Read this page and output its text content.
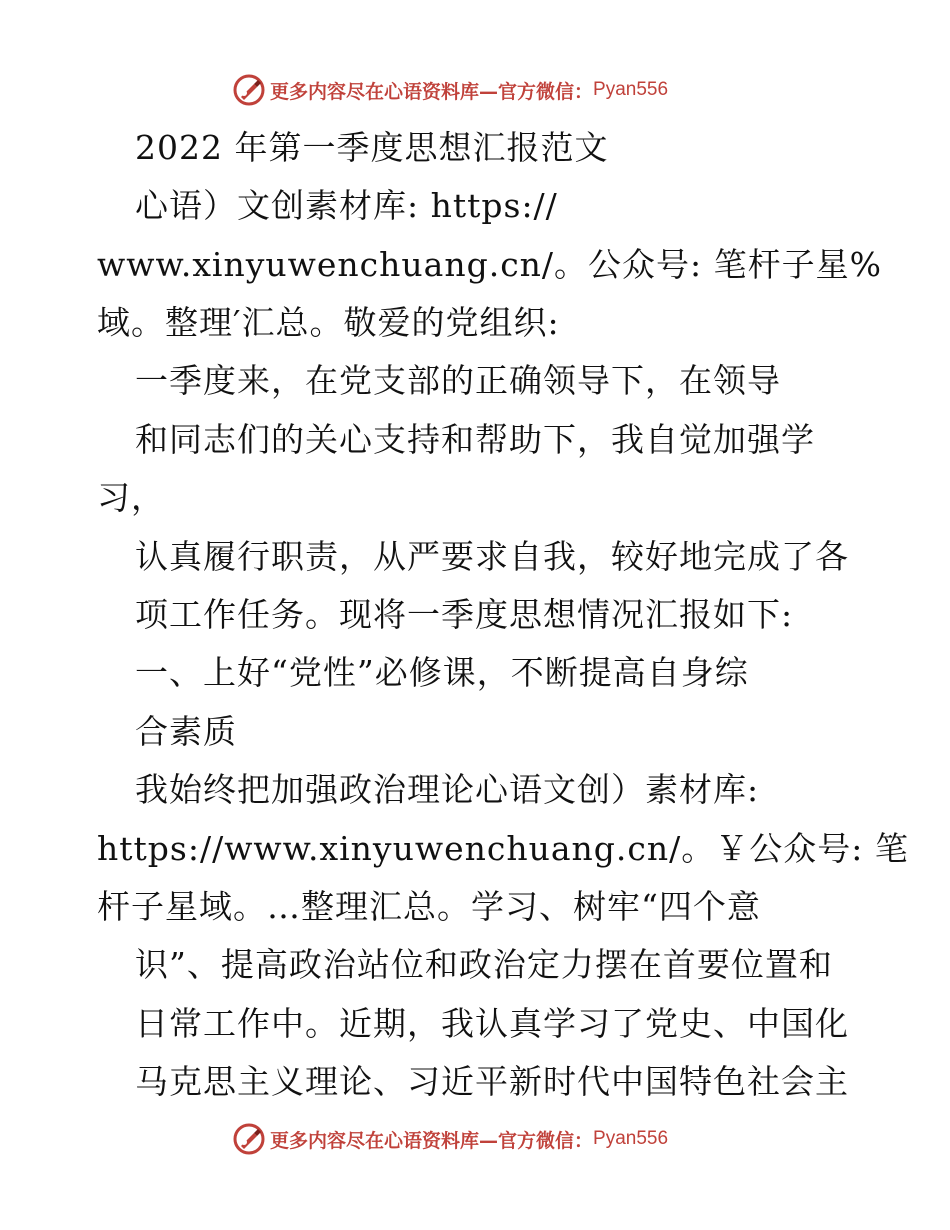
更多内容尽在心语资料库—官方微信： Pyan556
2022 年第一季度思想汇报范文
心语）文创素材库: https://
www.xinyuwenchuang.cn/。公众号: 笔杆子星%
域。整理′汇总。敬爱的党组织:
一季度来，在党支部的正确领导下，在领导
和同志们的关心支持和帮助下，我自觉加强学
习，
认真履行职责，从严要求自我，较好地完成了各
项工作任务。现将一季度思想情况汇报如下:
一、上好“党性”必修课，不断提高自身综
合素质
我始终把加强政治理论心语文创）素材库:
https://www.xinyuwenchuang.cn/。￥公众号: 笔
杆子星域。…整理汇总。学习、树牢“四个意
识”、提高政治站位和政治定力摆在首要位置和
日常工作中。近期，我认真学习了党史、中国化
马克思主义理论、习近平新时代中国特色社会主
更多内容尽在心语资料库—官方微信： Pyan556
